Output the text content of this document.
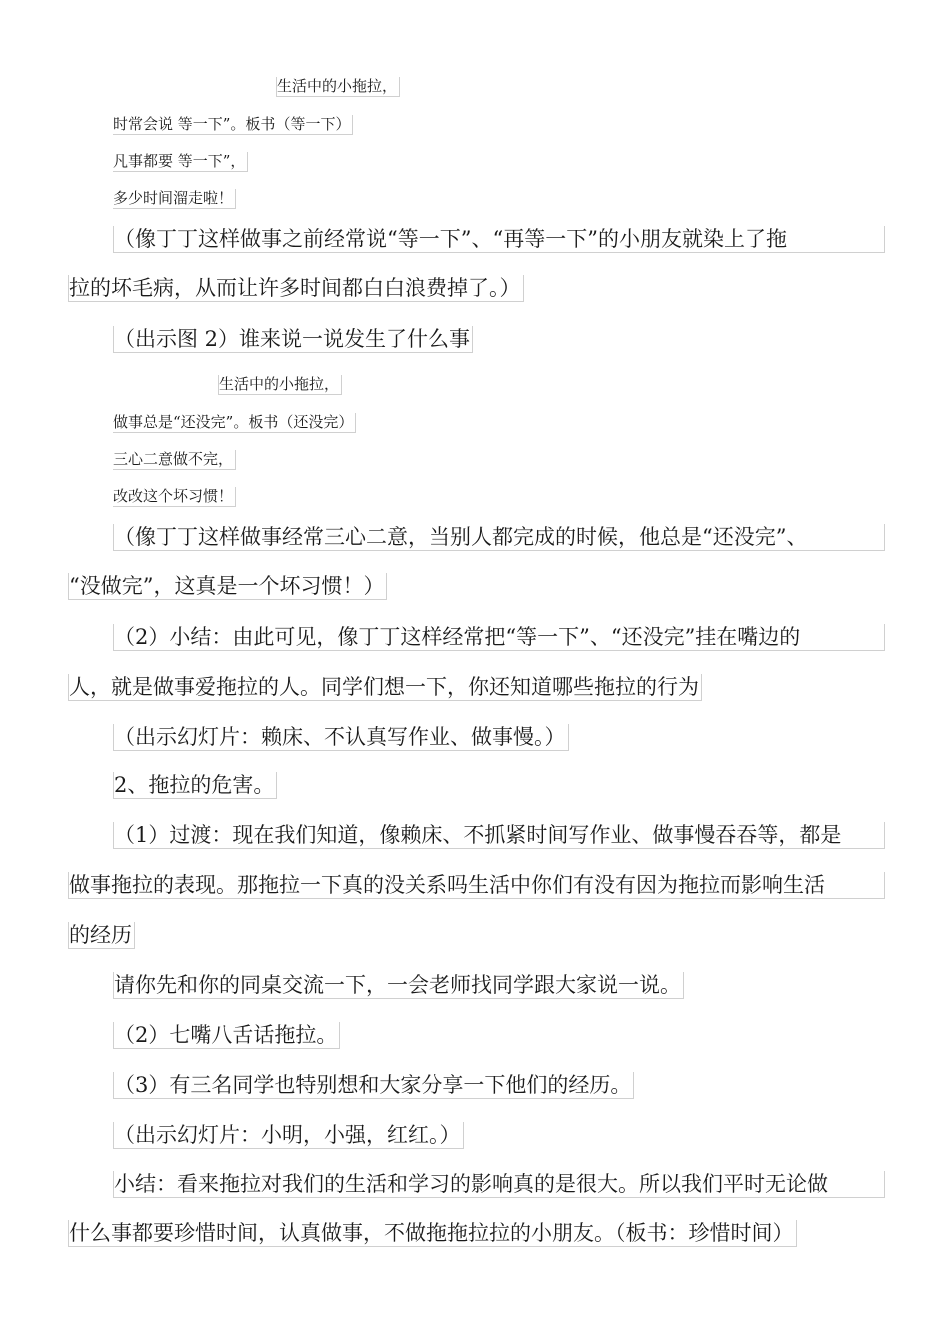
生活中的小拖拉，
时常会说 等一下”。板书（等一下）
凡事都要 等一下”，
多少时间溜走啦！
（像丁丁这样做事之前经常说“等一下”、“再等一下”的小朋友就染上了拖
拉的坏毛病，从而让许多时间都白白浪费掉了。）
（出示图 2）谁来说一说发生了什么事
生活中的小拖拉，
做事总是“还没完”。板书（还没完）
三心二意做不完，
改改这个坏习惯！
（像丁丁这样做事经常三心二意，当别人都完成的时候，他总是“还没完”、
“没做完”，这真是一个坏习惯！）
（2）小结：由此可见，像丁丁这样经常把“等一下”、“还没完”挂在嘴边的
人，就是做事爱拖拉的人。同学们想一下，你还知道哪些拖拉的行为
（出示幻灯片：赖床、不认真写作业、做事慢。）
2、拖拉的危害。
（1）过渡：现在我们知道，像赖床、不抓紧时间写作业、做事慢吞吞等，都是
做事拖拉的表现。那拖拉一下真的没关系吗生活中你们有没有因为拖拉而影响生活
的经历
请你先和你的同桌交流一下，一会老师找同学跟大家说一说。
（2）七嘴八舌话拖拉。
（3）有三名同学也特别想和大家分享一下他们的经历。
（出示幻灯片：小明，小强，红红。）
小结：看来拖拉对我们的生活和学习的影响真的是很大。所以我们平时无论做
什么事都要珍惜时间，认真做事，不做拖拖拉拉的小朋友。（板书：珍惜时间）
